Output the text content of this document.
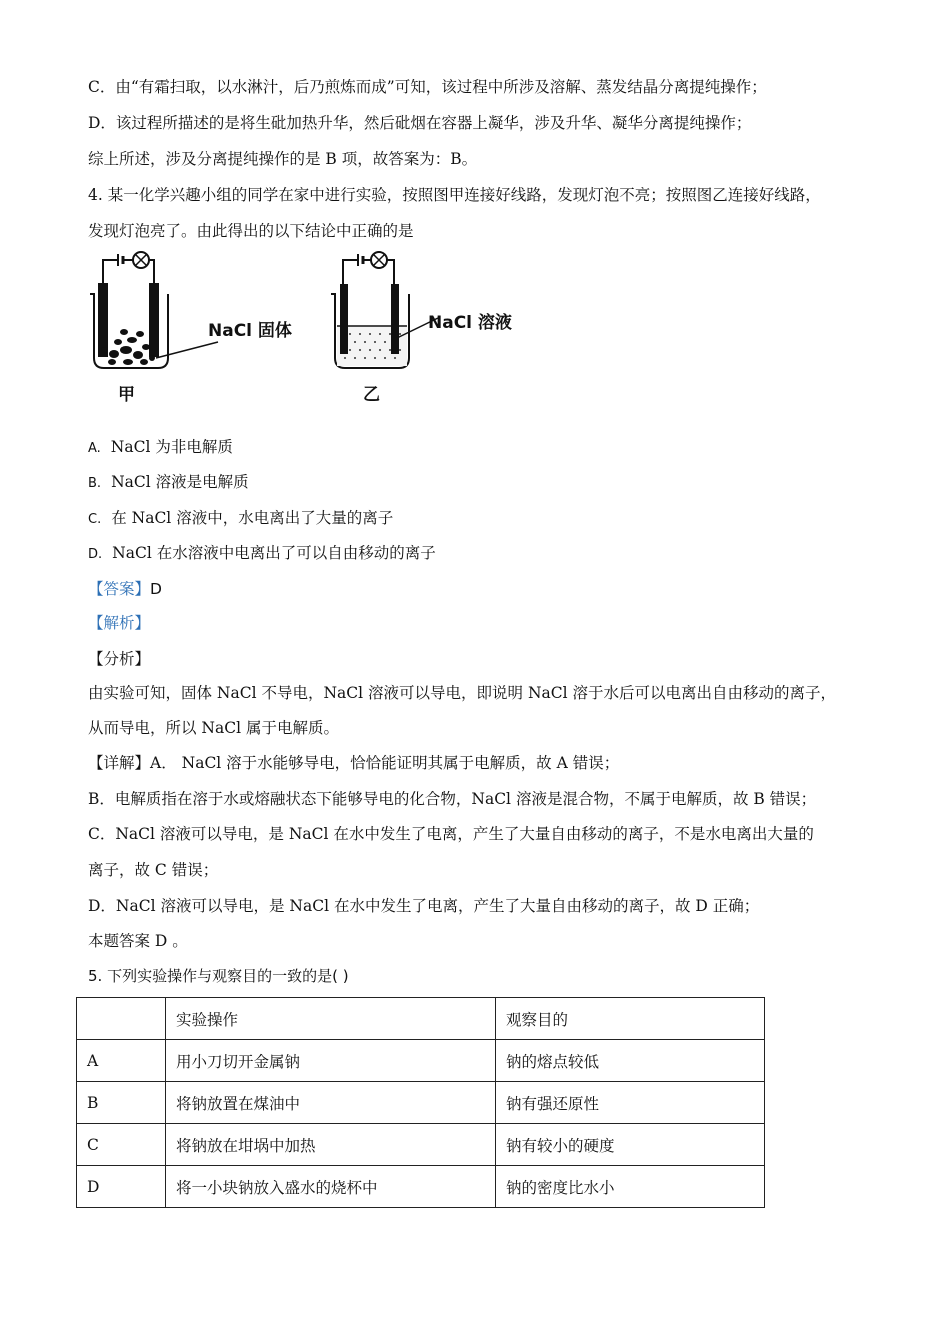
C．由“有霜扫取，以水淋汁，后乃煎炼而成”可知，该过程中所涉及溶解、蒸发结晶分离提纯操作；
D．该过程所描述的是将生砒加热升华，然后砒烟在容器上凝华，涉及升华、凝华分离提纯操作；
综上所述，涉及分离提纯操作的是 B 项，故答案为：B。
4. 某一化学兴趣小组的同学在家中进行实验，按照图甲连接好线路，发现灯泡不亮；按照图乙连接好线路，
发现灯泡亮了。由此得出的以下结论中正确的是
NaCl 固体	NaCl 溶液
甲	乙
A. NaCl 为非电解质
B. NaCl 溶液是电解质
C. 在 NaCl 溶液中，水电离出了大量的离子
D. NaCl 在水溶液中电离出了可以自由移动的离子
【答案】D
【解析】
【分析】
由实验可知，固体 NaCl 不导电，NaCl 溶液可以导电，即说明 NaCl 溶于水后可以电离出自由移动的离子，
从而导电，所以 NaCl 属于电解质。
【详解】A． NaCl 溶于水能够导电，恰恰能证明其属于电解质，故 A 错误；
B．电解质指在溶于水或熔融状态下能够导电的化合物，NaCl 溶液是混合物，不属于电解质，故 B 错误；
C．NaCl 溶液可以导电，是 NaCl 在水中发生了电离，产生了大量自由移动的离子，不是水电离出大量的
离子，故 C 错误；
D．NaCl 溶液可以导电，是 NaCl 在水中发生了电离，产生了大量自由移动的离子，故 D 正确；
本题答案 D 。
5. 下列实验操作与观察目的一致的是( )
	实验操作	观察目的
A	用小刀切开金属钠	钠的熔点较低
B	将钠放置在煤油中	钠有强还原性
C	将钠放在坩埚中加热	钠有较小的硬度
D	将一小块钠放入盛水的烧杯中	钠的密度比水小
